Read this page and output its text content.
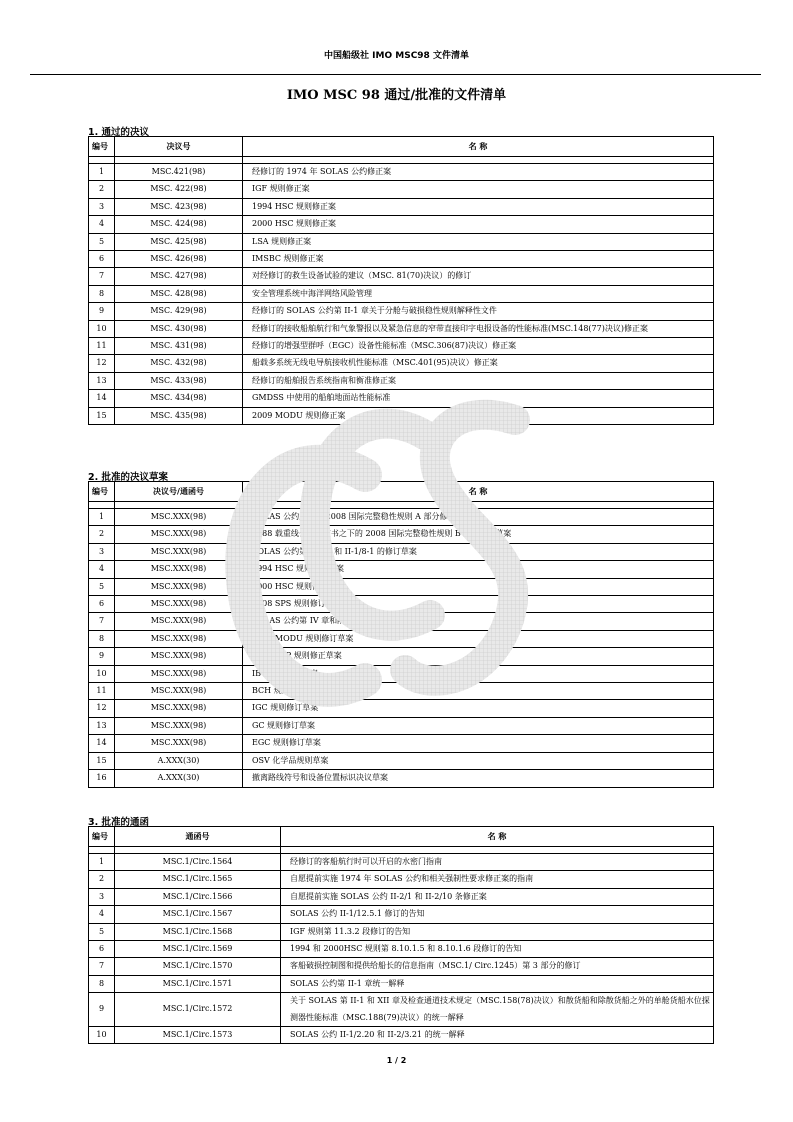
中国船级社 IMO MSC98 文件清单
IMO MSC 98 通过/批准的文件清单
1. 通过的决议
编号	决议号	名 称

1	MSC.421(98)	经修订的 1974 年 SOLAS 公约修正案
2	MSC. 422(98)	IGF 规则修正案
3	MSC. 423(98)	1994 HSC 规则修正案
4	MSC. 424(98)	2000 HSC 规则修正案
5	MSC. 425(98)	LSA 规则修正案
6	MSC. 426(98)	IMSBC 规则修正案
7	MSC. 427(98)	对经修订的救生设备试验的建议（MSC. 81(70)决议）的修订
8	MSC. 428(98)	安全管理系统中海洋网络风险管理
9	MSC. 429(98)	经修订的 SOLAS 公约第 II-1 章关于分舱与破损稳性规则解释性文件
10	MSC. 430(98)	经修订的接收船舶航行和气象警报以及紧急信息的窄带直接印字电报设备的性能标准(MSC.148(77)决议)修正案
11	MSC. 431(98)	经修订的增强型群呼（EGC）设备性能标准（MSC.306(87)决议）修正案
12	MSC. 432(98)	船载多系统无线电导航接收机性能标准（MSC.401(95)决议）修正案
13	MSC. 433(98)	经修订的船舶报告系统指南和衡准修正案
14	MSC. 434(98)	GMDSS 中使用的船舶地面站性能标准
15	MSC. 435(98)	2009 MODU 规则修正案
2. 批准的决议草案
编号	决议号/通函号	名 称

1	MSC.XXX(98)	SOLAS 公约之下的 2008 国际完整稳性规则 A 部分修正草案
2	MSC.XXX(98)	1988 载重线公约议定书之下的 2008 国际完整稳性规则 B 部分修正草案
3	MSC.XXX(98)	SOLAS 公约第 II-1/1 和 II-1/8-1 的修订草案
4	MSC.XXX(98)	1994 HSC 规则修订草案
5	MSC.XXX(98)	2000 HSC 规则修订草案
6	MSC.XXX(98)	2008 SPS 规则修订草案
7	MSC.XXX(98)	SOLAS 公约第 IV 章和附录证书的修订草案
8	MSC.XXX(98)	2009 MODU 规则修订草案
9	MSC.XXX(98)	2010 FTP 规则修正草案
10	MSC.XXX(98)	IBC 规则修订草案
11	MSC.XXX(98)	BCH 规则修订草案
12	MSC.XXX(98)	IGC 规则修订草案
13	MSC.XXX(98)	GC 规则修订草案
14	MSC.XXX(98)	EGC 规则修订草案
15	A.XXX(30)	OSV 化学品规则草案
16	A.XXX(30)	撤离路线符号和设备位置标识决议草案
3. 批准的通函
编号	通函号	名 称

1	MSC.1/Circ.1564	经修订的客船航行时可以开启的水密门指南
2	MSC.1/Circ.1565	自愿提前实施 1974 年 SOLAS 公约和相关强制性要求修正案的指南
3	MSC.1/Circ.1566	自愿提前实施 SOLAS 公约 II-2/1 和 II-2/10 条修正案
4	MSC.1/Circ.1567	SOLAS 公约 II-1/12.5.1 修订的告知
5	MSC.1/Circ.1568	IGF 规则第 11.3.2 段修订的告知
6	MSC.1/Circ.1569	1994 和 2000HSC 规则第 8.10.1.5 和 8.10.1.6 段修订的告知
7	MSC.1/Circ.1570	客船破损控制图和提供给船长的信息指南（MSC.1/ Circ.1245）第 3 部分的修订
8	MSC.1/Circ.1571	SOLAS 公约第 II-1 章统一解释
9	MSC.1/Circ.1572	关于 SOLAS 第 II-1 和 XII 章及检查通道技术规定（MSC.158(78)决议）和散货船和除散货船之外的单舱货船水位探测器性能标准（MSC.188(79)决议）的统一解释
10	MSC.1/Circ.1573	SOLAS 公约 II-1/2.20 和 II-2/3.21 的统一解释
1 / 2
